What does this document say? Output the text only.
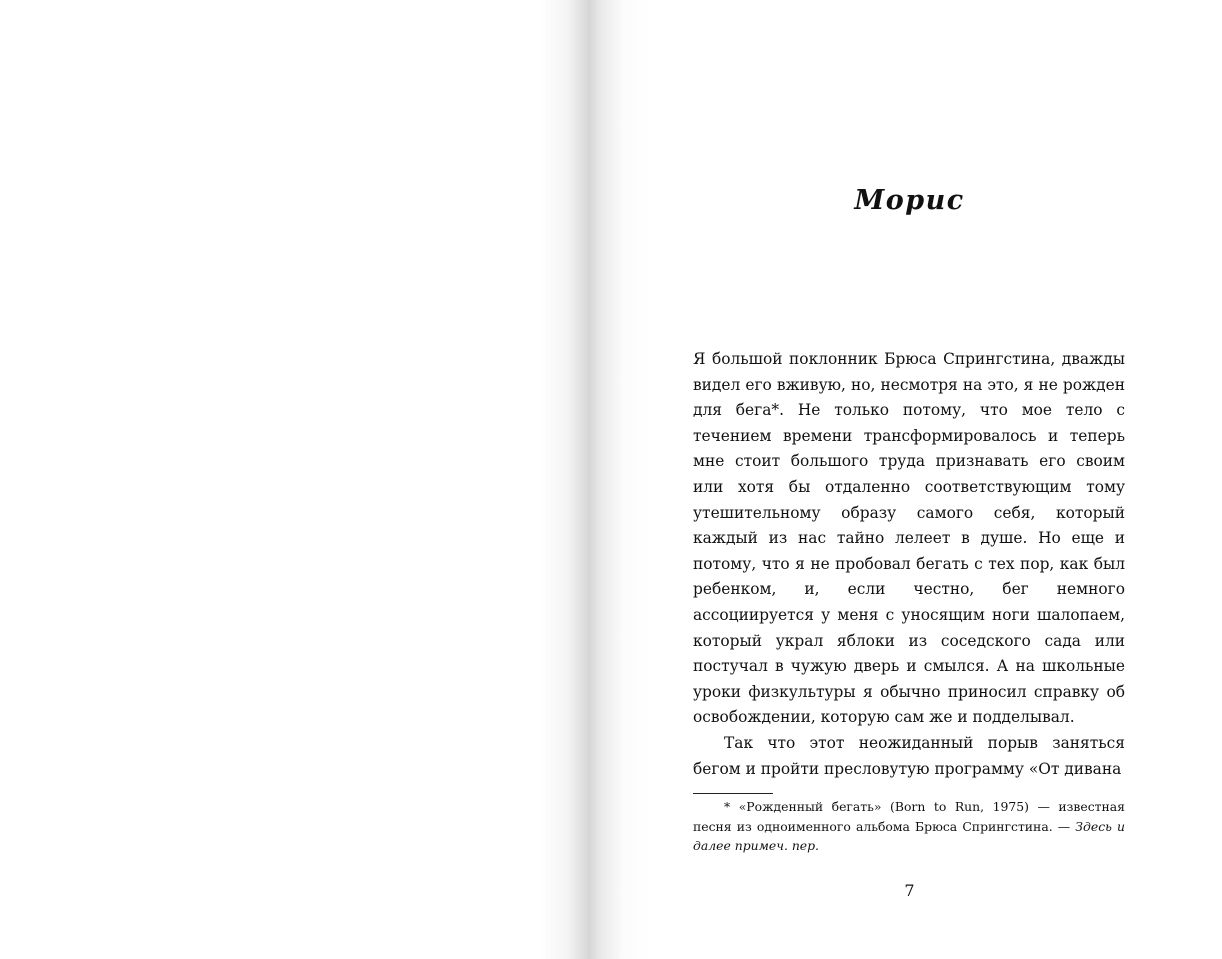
Морис

Я большой поклонник Брюса Спрингстина, дважды видел его вживую, но, несмотря на это, я не рожден для бега*. Не только потому, что мое тело с течением времени трансформировалось и теперь мне стоит большого труда признавать его своим или хотя бы отдаленно соответствующим тому утешительному образу самого себя, который каждый из нас тайно лелеет в душе. Но еще и потому, что я не пробовал бегать с тех пор, как был ребенком, и, если честно, бег немного ассоциируется у меня с уносящим ноги шалопаем, который украл яблоки из соседского сада или постучал в чужую дверь и смылся. А на школьные уроки физкультуры я обычно приносил справку об освобождении, которую сам же и подделывал.

Так что этот неожиданный порыв заняться бегом и пройти пресловутую программу «От дивана

* «Рожденный бегать» (Born to Run, 1975) — известная песня из одноименного альбома Брюса Спрингстина. — Здесь и далее примеч. пер.
7
